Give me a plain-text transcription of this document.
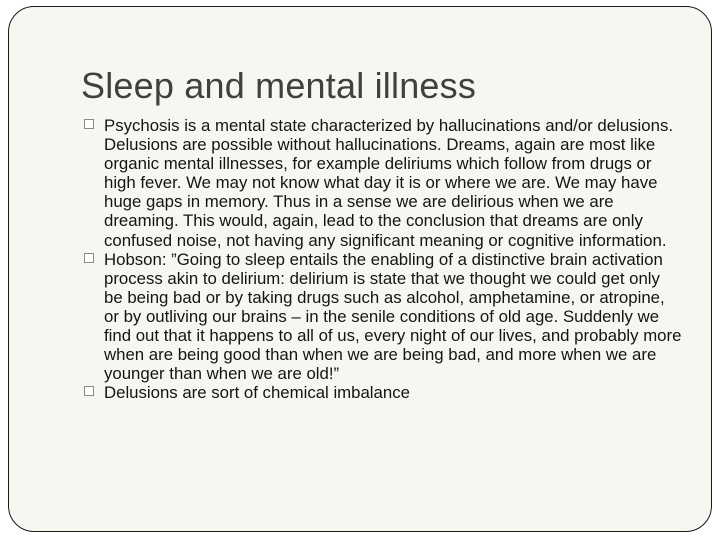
Sleep and mental illness
Psychosis is a mental state characterized by hallucinations and/or delusions. Delusions are possible without hallucinations. Dreams, again are most like organic mental illnesses, for example deliriums which follow from drugs or high fever. We may not know what day it is or where we are. We may have huge gaps in memory. Thus in a sense we are delirious when we are dreaming. This would, again, lead to the conclusion that dreams are only confused noise, not having any significant meaning or cognitive information.
Hobson: ”Going to sleep entails the enabling of a distinctive brain activation process akin to delirium: delirium is state that we thought we could get only be being bad or by taking drugs such as alcohol, amphetamine, or atropine, or by outliving our brains – in the senile conditions of old age. Suddenly we find out that it happens to all of us, every night of our lives, and probably more when are being good than when we are being bad, and more when we are younger than when we are old!”
Delusions are sort of chemical imbalance
